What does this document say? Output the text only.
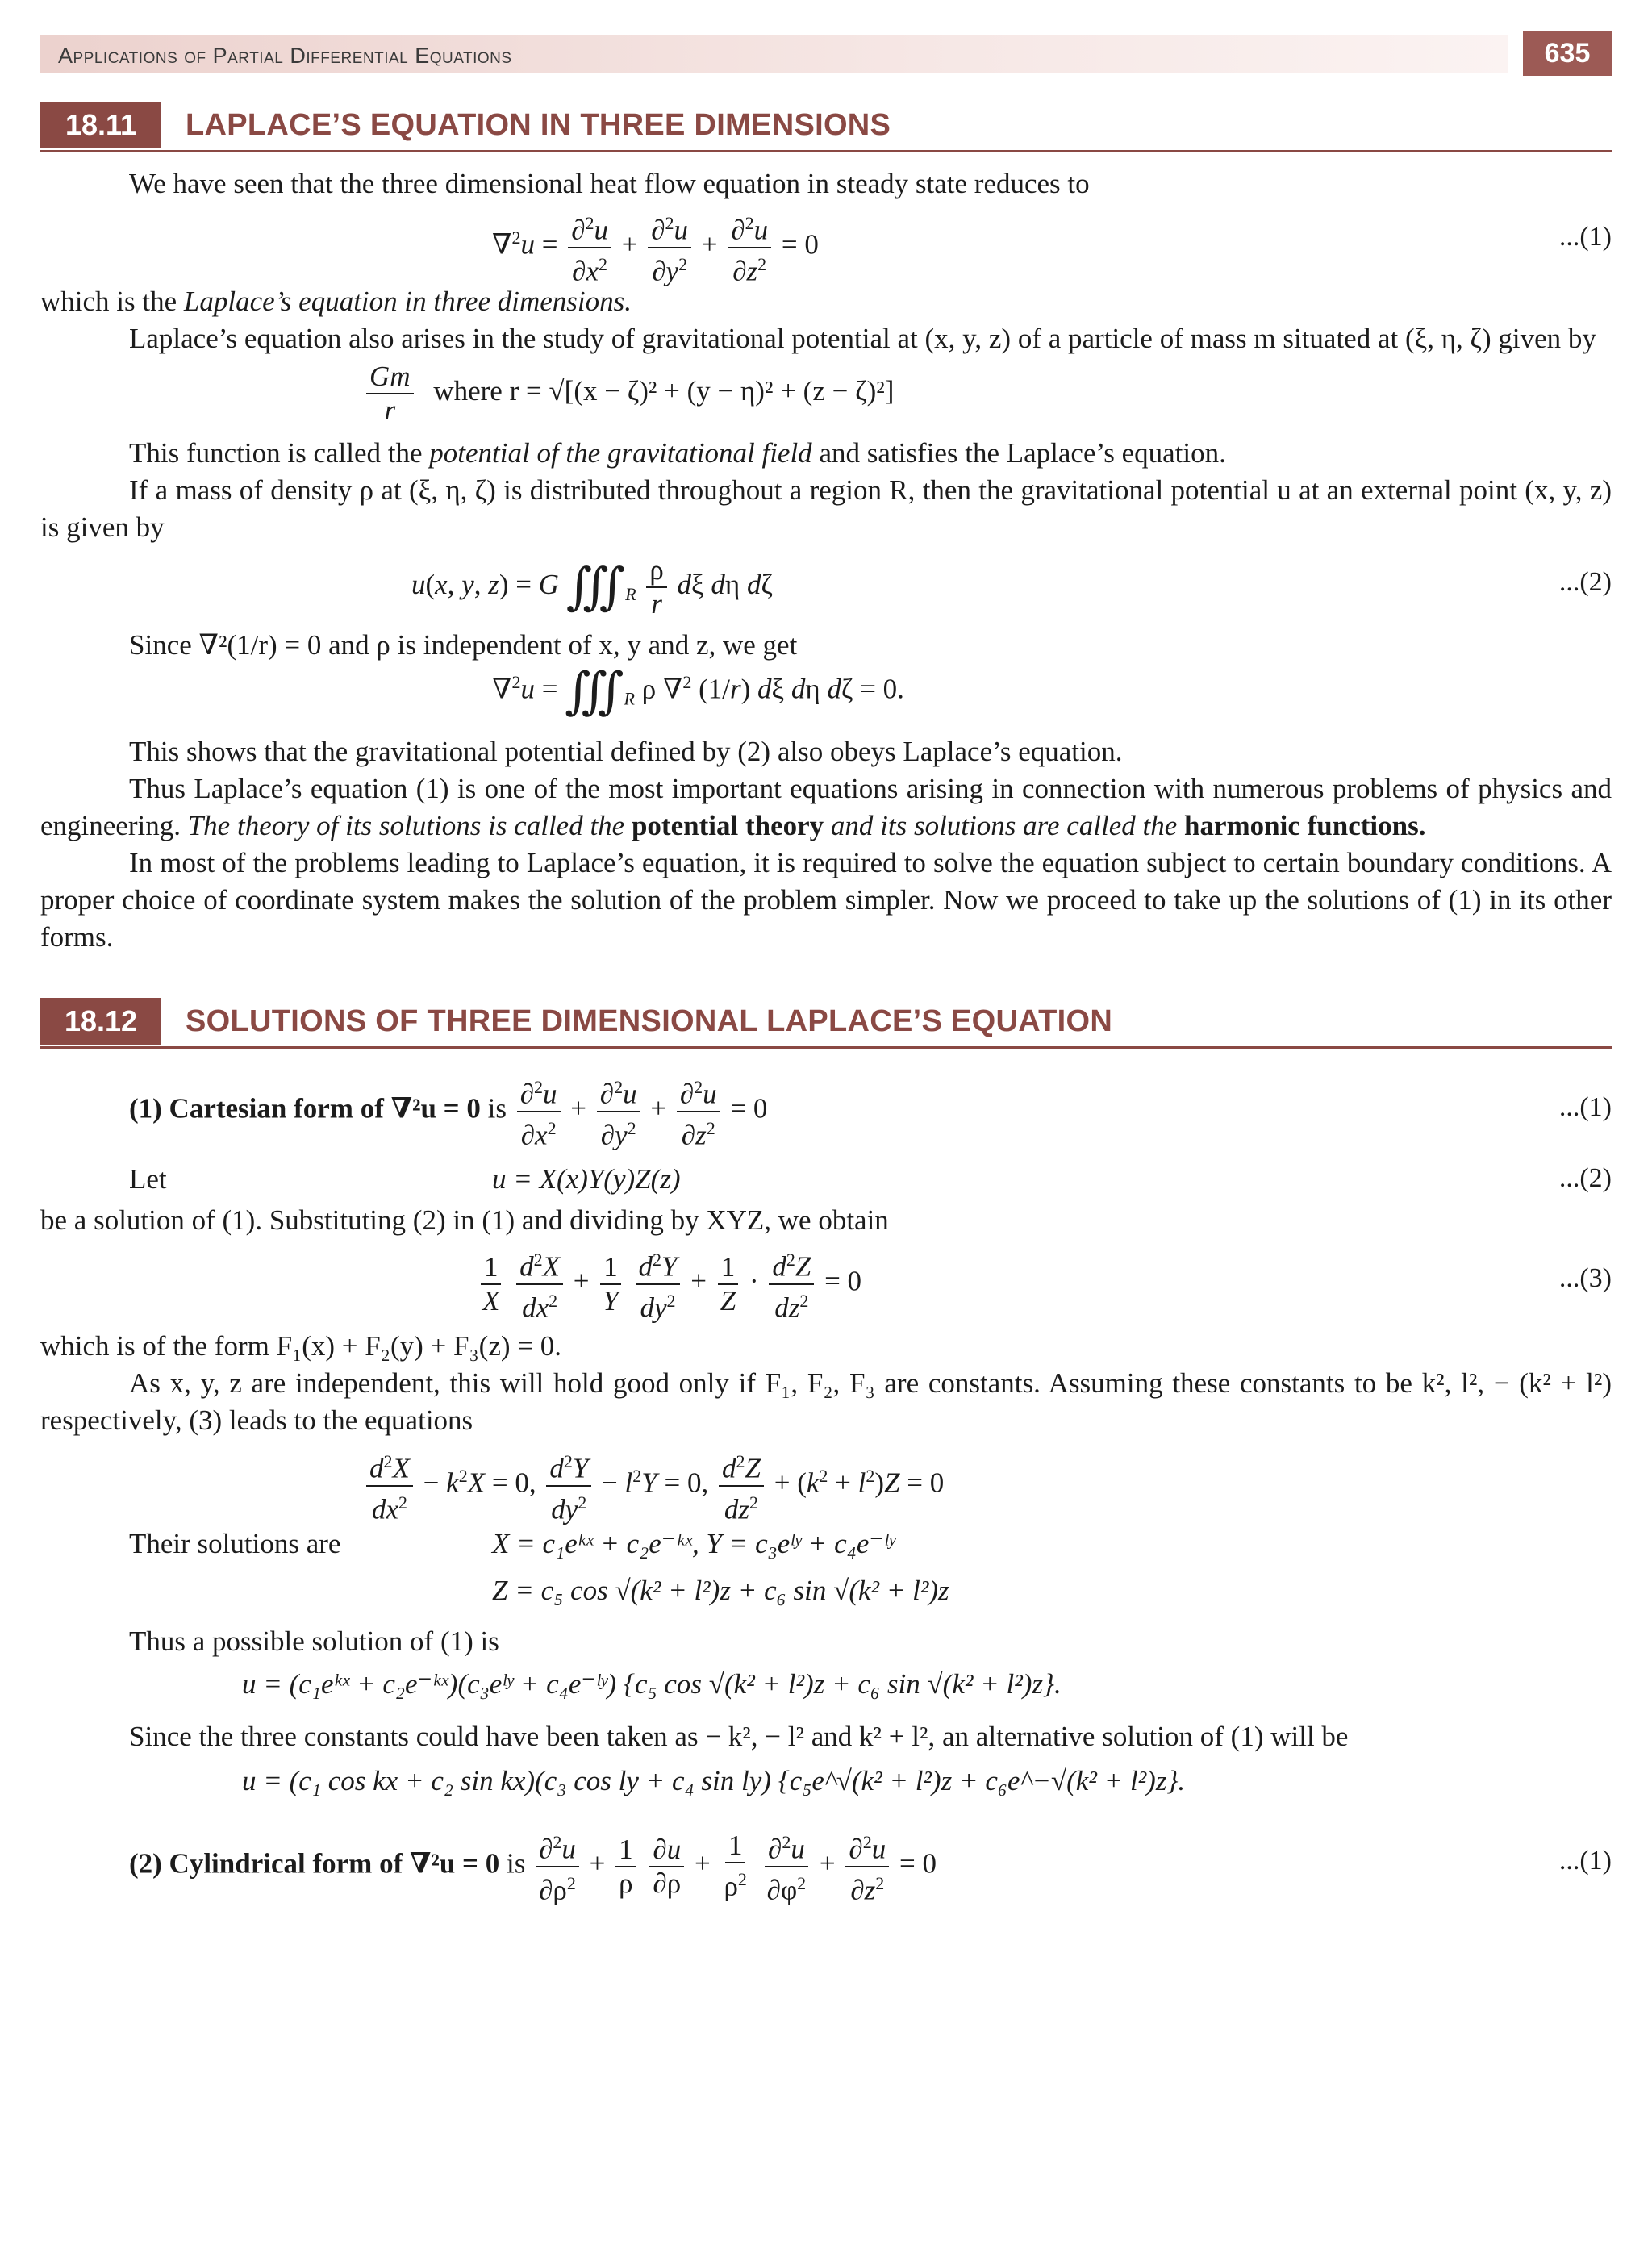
Applications of Partial Differential Equations	635
18.11	LAPLACE’S EQUATION IN THREE DIMENSIONS

We have seen that the three dimensional heat flow equation in steady state reduces to

$\nabla^2u = \frac{\partial^2u}{\partial x^2} + \frac{\partial^2u}{\partial y^2} + \frac{\partial^2u}{\partial z^2} = 0$	...(1)

which is the Laplace’s equation in three dimensions.

Laplace’s equation also arises in the study of gravitational potential at (x, y, z) of a particle of mass m situated at (ξ, η, ζ) given by

$\frac{Gm}{r}$ where r = √[(x − ζ)² + (y − η)² + (z − ζ)²]

This function is called the potential of the gravitational field and satisfies the Laplace’s equation.

If a mass of density ρ at (ξ, η, ζ) is distributed throughout a region R, then the gravitational potential u at an external point (x, y, z) is given by

u(x, y, z) = G $∭_R \frac{\rho}{r}$ dξ dη dζ	...(2)

Since ∇²(1/r) = 0 and ρ is independent of x, y and z, we get

$\nabla^2u = ∭_R$ ρ ∇$^2$ (1/r) dξ dη dζ = 0.

This shows that the gravitational potential defined by (2) also obeys Laplace’s equation.

Thus Laplace’s equation (1) is one of the most important equations arising in connection with numerous problems of physics and engineering. The theory of its solutions is called the potential theory and its solutions are called the harmonic functions.

In most of the problems leading to Laplace’s equation, it is required to solve the equation subject to certain boundary conditions. A proper choice of coordinate system makes the solution of the problem simpler. Now we proceed to take up the solutions of (1) in its other forms.

18.12	SOLUTIONS OF THREE DIMENSIONAL LAPLACE’S EQUATION
(1) Cartesian form of ∇²u = 0 is $\frac{\partial^2u}{\partial x^2} + \frac{\partial^2u}{\partial y^2} + \frac{\partial^2u}{\partial z^2} = 0$	...(1)
Let	u = X(x)Y(y)Z(z)	...(2)

be a solution of (1). Substituting (2) in (1) and dividing by XYZ, we obtain

$\frac{1}{X}$
$\frac{d^2X}{dx^2} + \frac{1}{Y}$
$\frac{d^2Y}{dy^2} + \frac{1}{Z} \cdot \frac{d^2Z}{dz^2} = 0$	...(3)

which is of the form F₁(x) + F₂(y) + F₃(z) = 0.

As x, y, z are independent, this will hold good only if F₁, F₂, F₃ are constants. Assuming these constants to be k², l², − (k² + l²) respectively, (3) leads to the equations

$\frac{d^2X}{dx^2} - k^2X = 0$, $\frac{d^2Y}{dy^2} - l^2Y = 0$, $\frac{d^2Z}{dz^2} + (k^2 + l^2)Z = 0$
Their solutions are	X = c₁eᵏˣ + c₂e⁻ᵏˣ, Y = c₃eˡʸ + c₄e⁻ˡʸ
Z = c₅ cos √(k² + l²)z + c₆ sin √(k² + l²)z

Thus a possible solution of (1) is

u = (c₁eᵏˣ + c₂e⁻ᵏˣ)(c₃eˡʸ + c₄e⁻ˡʸ) {c₅ cos √(k² + l²)z + c₆ sin √(k² + l²)z}.

Since the three constants could have been taken as − k², − l² and k² + l², an alternative solution of (1) will be

u = (c₁ cos kx + c₂ sin kx)(c₃ cos ly + c₄ sin ly) {c₅e^√(k² + l²)z + c₆e^−√(k² + l²)z}.
(2) Cylindrical form of ∇²u = 0 is $\frac{\partial^2u}{\partial\rho^2} + \frac{1}{\rho}$
$\frac{\partial u}{\partial\rho} + \frac{1}{\rho^2}$
$\frac{\partial^2u}{\partial\varphi^2} + \frac{\partial^2u}{\partial z^2} = 0$	...(1)
